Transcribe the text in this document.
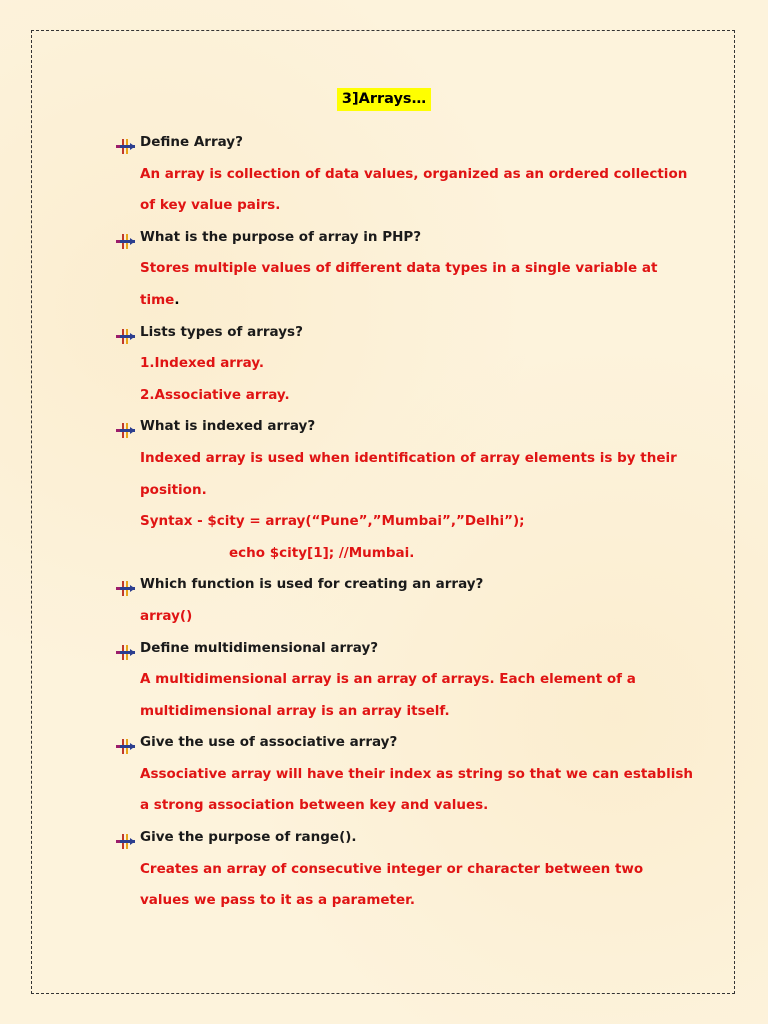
3]Arrays…
Define Array?
An array is collection of data values, organized as an ordered collection
of key value pairs.
What is the purpose of array in PHP?
Stores multiple values of different data types in a single variable at
time.
Lists types of arrays?
1.Indexed array.
2.Associative array.
What is indexed array?
Indexed array is used when identification of array elements is by their
position.
Syntax - $city = array(“Pune”,”Mumbai”,”Delhi”);
echo $city[1]; //Mumbai.
Which function is used for creating an array?
array()
Define multidimensional array?
A multidimensional array is an array of arrays. Each element of a
multidimensional array is an array itself.
Give the use of associative array?
Associative array will have their index as string so that we can establish
a strong association between key and values.
Give the purpose of range().
Creates an array of consecutive integer or character between two
values we pass to it as a parameter.
